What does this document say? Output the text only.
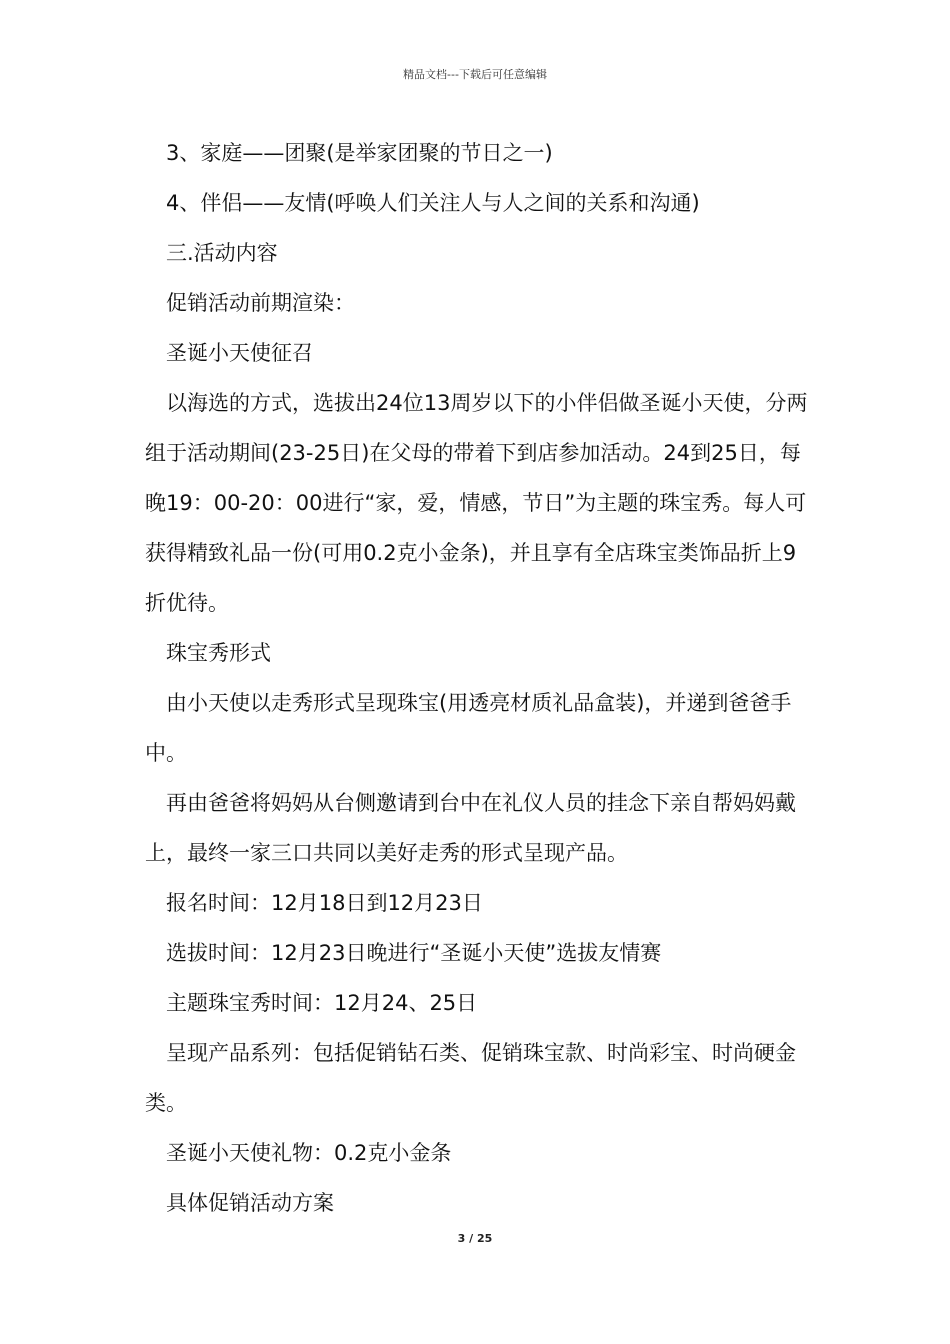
精品文档---下载后可任意编辑

3、家庭——团聚(是举家团聚的节日之一)

4、伴侣——友情(呼唤人们关注人与人之间的关系和沟通)

三.活动内容

促销活动前期渲染：

圣诞小天使征召

以海选的方式，选拔出24位13周岁以下的小伴侣做圣诞小天使，分两组于活动期间(23-25日)在父母的带着下到店参加活动。24到25日，每晚19：00-20：00进行“家，爱，情感，节日”为主题的珠宝秀。每人可获得精致礼品一份(可用0.2克小金条)，并且享有全店珠宝类饰品折上9折优待。

珠宝秀形式

由小天使以走秀形式呈现珠宝(用透亮材质礼品盒装)，并递到爸爸手中。

再由爸爸将妈妈从台侧邀请到台中在礼仪人员的挂念下亲自帮妈妈戴上，最终一家三口共同以美好走秀的形式呈现产品。

报名时间：12月18日到12月23日

选拔时间：12月23日晚进行“圣诞小天使”选拔友情赛

主题珠宝秀时间：12月24、25日

呈现产品系列：包括促销钻石类、促销珠宝款、时尚彩宝、时尚硬金类。

圣诞小天使礼物：0.2克小金条

具体促销活动方案

3 / 25
